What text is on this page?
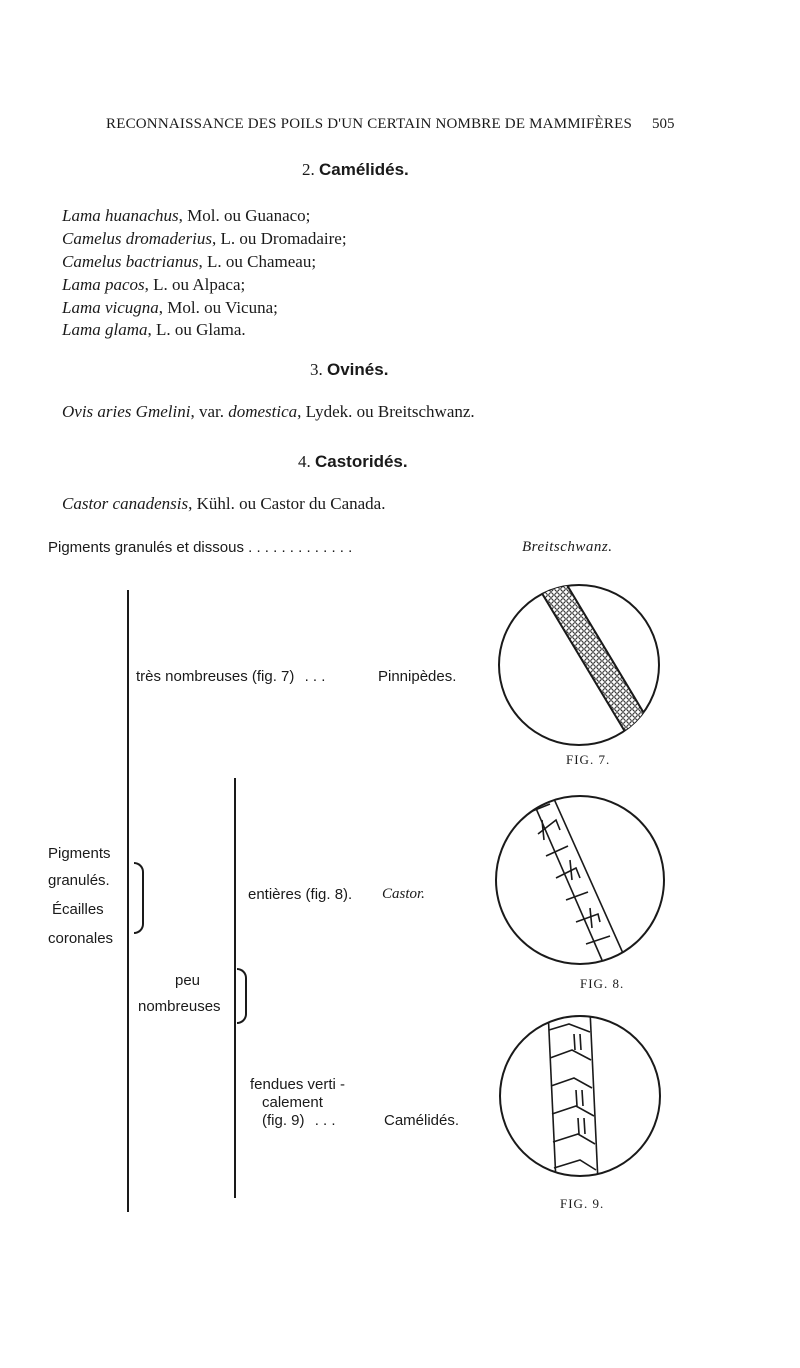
RECONNAISSANCE DES POILS D'UN CERTAIN NOMBRE DE MAMMIFÈRES 505
2. Camélidés.
Lama huanachus, Mol. ou Guanaco;
Camelus dromaderius, L. ou Dromadaire;
Camelus bactrianus, L. ou Chameau;
Lama pacos, L. ou Alpaca;
Lama vicugna, Mol. ou Vicuna;
Lama glama, L. ou Glama.
3. Ovinés.
Ovis aries Gmelini, var. domestica, Lydek. ou Breitschwanz.
4. Castoridés.
Castor canadensis, Kühl. ou Castor du Canada.
Pigments granulés et dissous . . . . . . . . . . . . .	Breitschwanz.
Pigments
granulés.
Écailles
coronales
très nombreuses (fig. 7) . . .	Pinnipèdes.
peu
nombreuses
entières (fig. 8). Castor.
fendues verti -
calement
(fig. 9) . . .	Camélidés.
FIG. 7.
FIG. 8.
FIG. 9.
